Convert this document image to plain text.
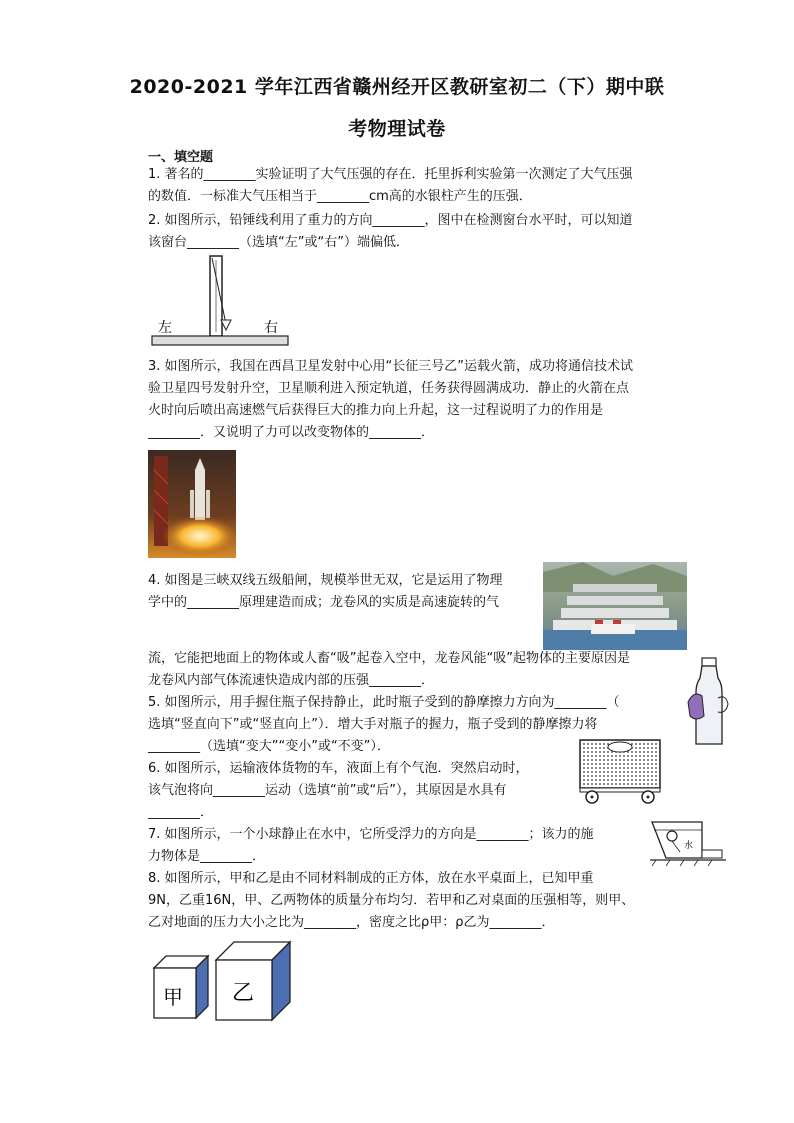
2020-2021 学年江西省赣州经开区教研室初二（下）期中联
考物理试卷
一、填空题
1. 著名的________实验证明了大气压强的存在．托里拆利实验第一次测定了大气压强
的数值．一标准大气压相当于________cm高的水银柱产生的压强．
2. 如图所示，铅锤线利用了重力的方向________，图中在检测窗台水平时，可以知道
该窗台________（选填“左”或“右”）端偏低．
左	右
3. 如图所示，我国在西昌卫星发射中心用“长征三号乙”运载火箭，成功将通信技术试
验卫星四号发射升空，卫星顺利进入预定轨道，任务获得圆满成功．静止的火箭在点
火时向后喷出高速燃气后获得巨大的推力向上升起，这一过程说明了力的作用是
________．又说明了力可以改变物体的________．
4. 如图是三峡双线五级船闸，规模举世无双，它是运用了物理
学中的________原理建造而成；龙卷风的实质是高速旋转的气
流，它能把地面上的物体或人畜“吸”起卷入空中，龙卷风能“吸”起物体的主要原因是
龙卷风内部气体流速快造成内部的压强________．
5. 如图所示，用手握住瓶子保持静止，此时瓶子受到的静摩擦力方向为________（
选填“竖直向下”或“竖直向上”）．增大手对瓶子的握力，瓶子受到的静摩擦力将
________（选填“变大”“变小”或“不变”）．
6. 如图所示，运输液体货物的车，液面上有个气泡．突然启动时，
该气泡将向________运动（选填“前”或“后”），其原因是水具有
________．
7. 如图所示，一个小球静止在水中，它所受浮力的方向是________；该力的施
力物体是________．
水
8. 如图所示，甲和乙是由不同材料制成的正方体，放在水平桌面上，已知甲重
9N，乙重16N，甲、乙两物体的质量分布均匀．若甲和乙对桌面的压强相等，则甲、
乙对地面的压力大小之比为________，密度之比ρ甲：ρ乙为________．
甲 乙
